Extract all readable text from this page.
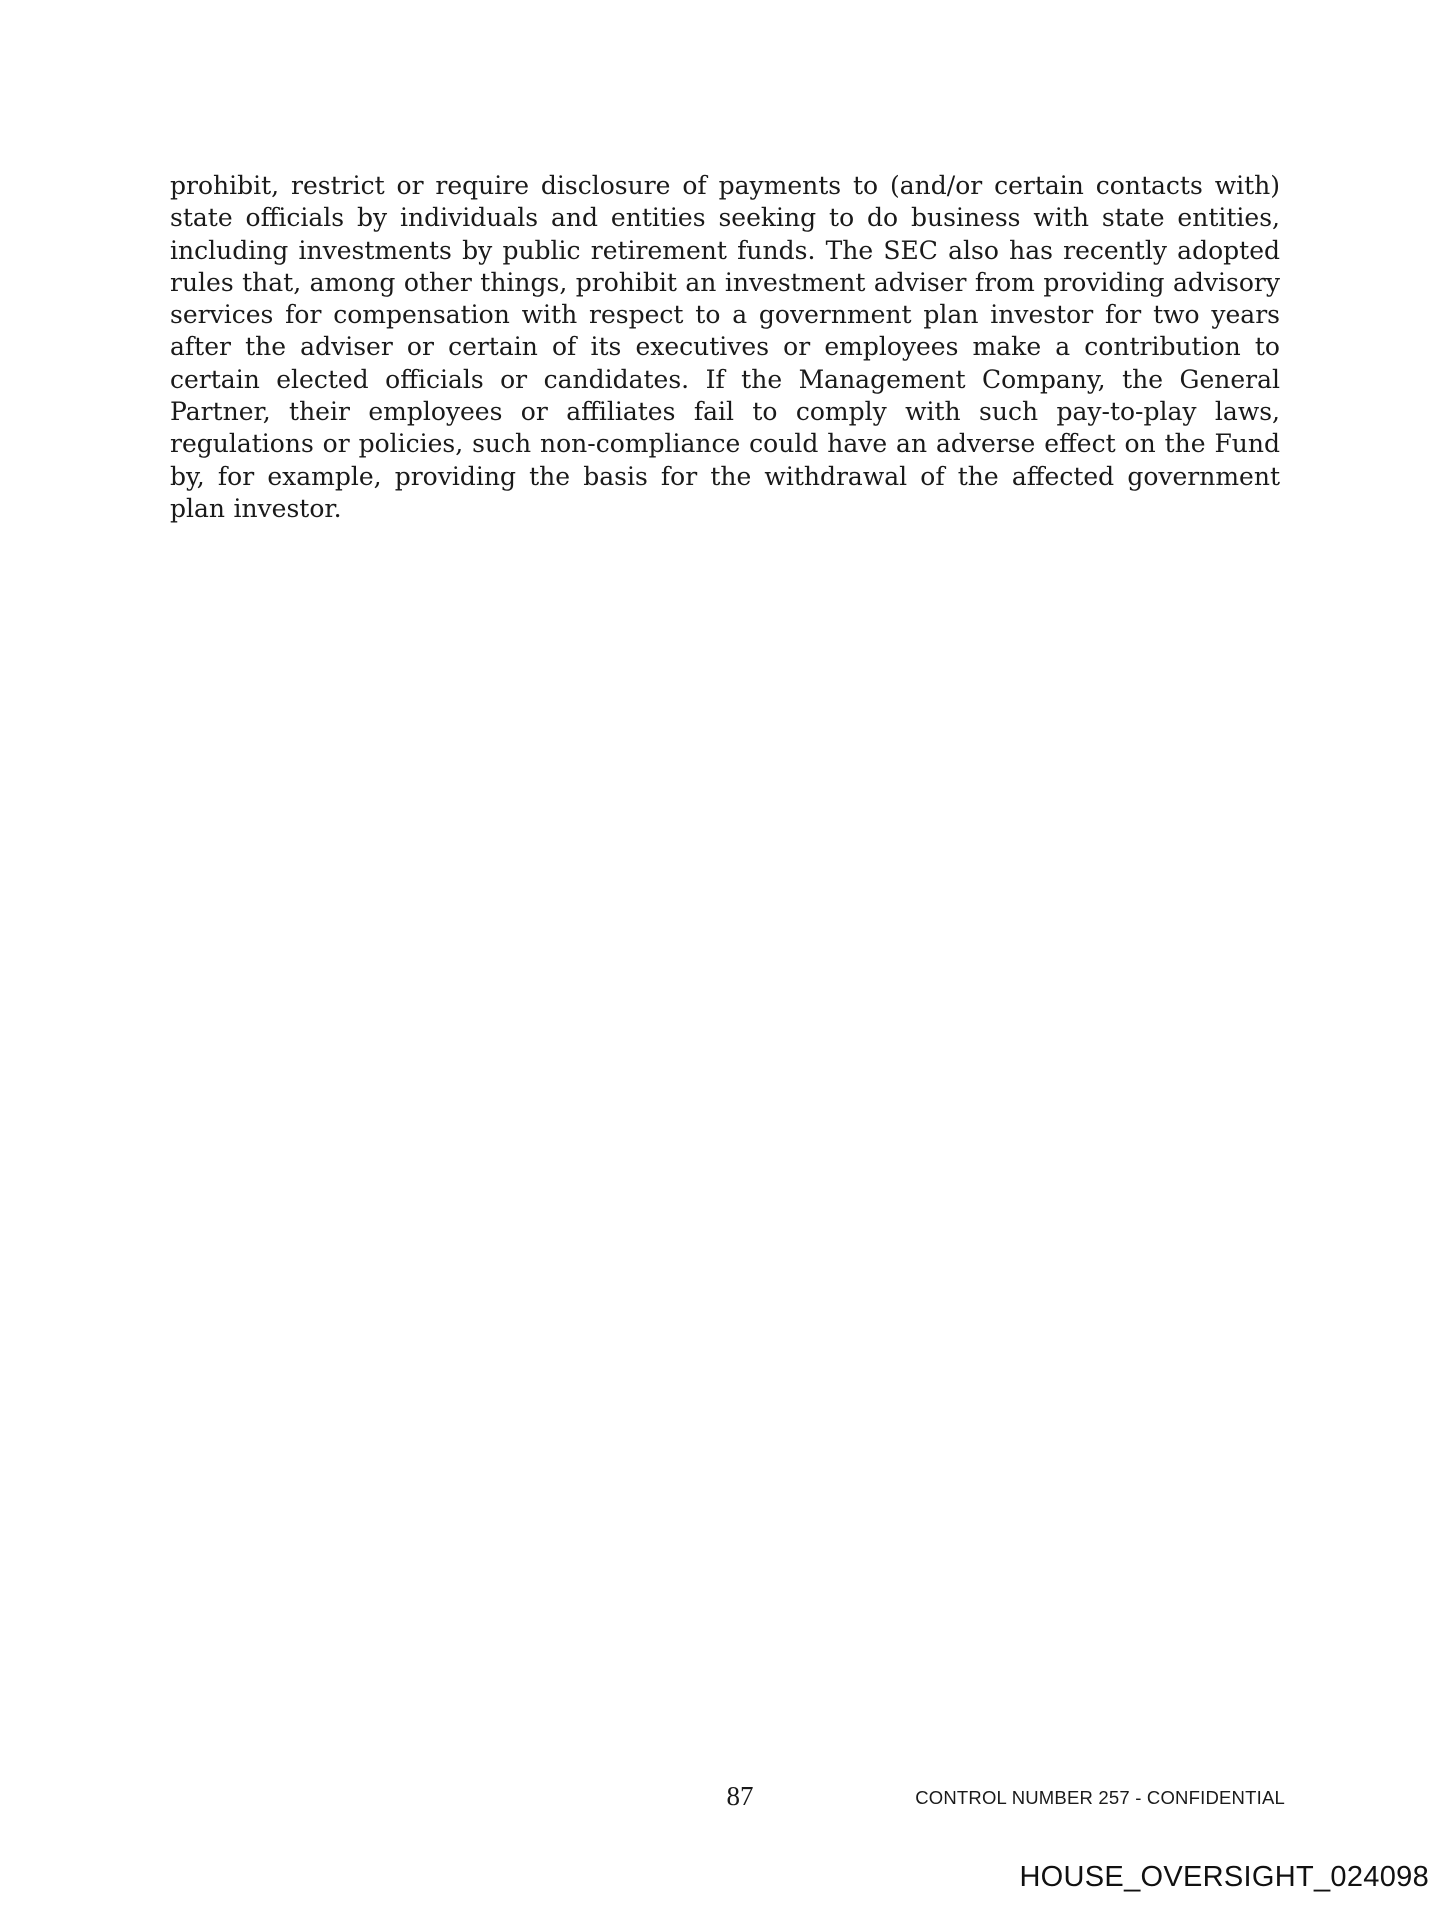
prohibit, restrict or require disclosure of payments to (and/or certain contacts with) state officials by individuals and entities seeking to do business with state entities, including investments by public retirement funds. The SEC also has recently adopted rules that, among other things, prohibit an investment adviser from providing advisory services for compensation with respect to a government plan investor for two years after the adviser or certain of its executives or employees make a contribution to certain elected officials or candidates. If the Management Company, the General Partner, their employees or affiliates fail to comply with such pay-to-play laws, regulations or policies, such non-compliance could have an adverse effect on the Fund by, for example, providing the basis for the withdrawal of the affected government plan investor.

87	CONTROL NUMBER 257 - CONFIDENTIAL
HOUSE_OVERSIGHT_024098
